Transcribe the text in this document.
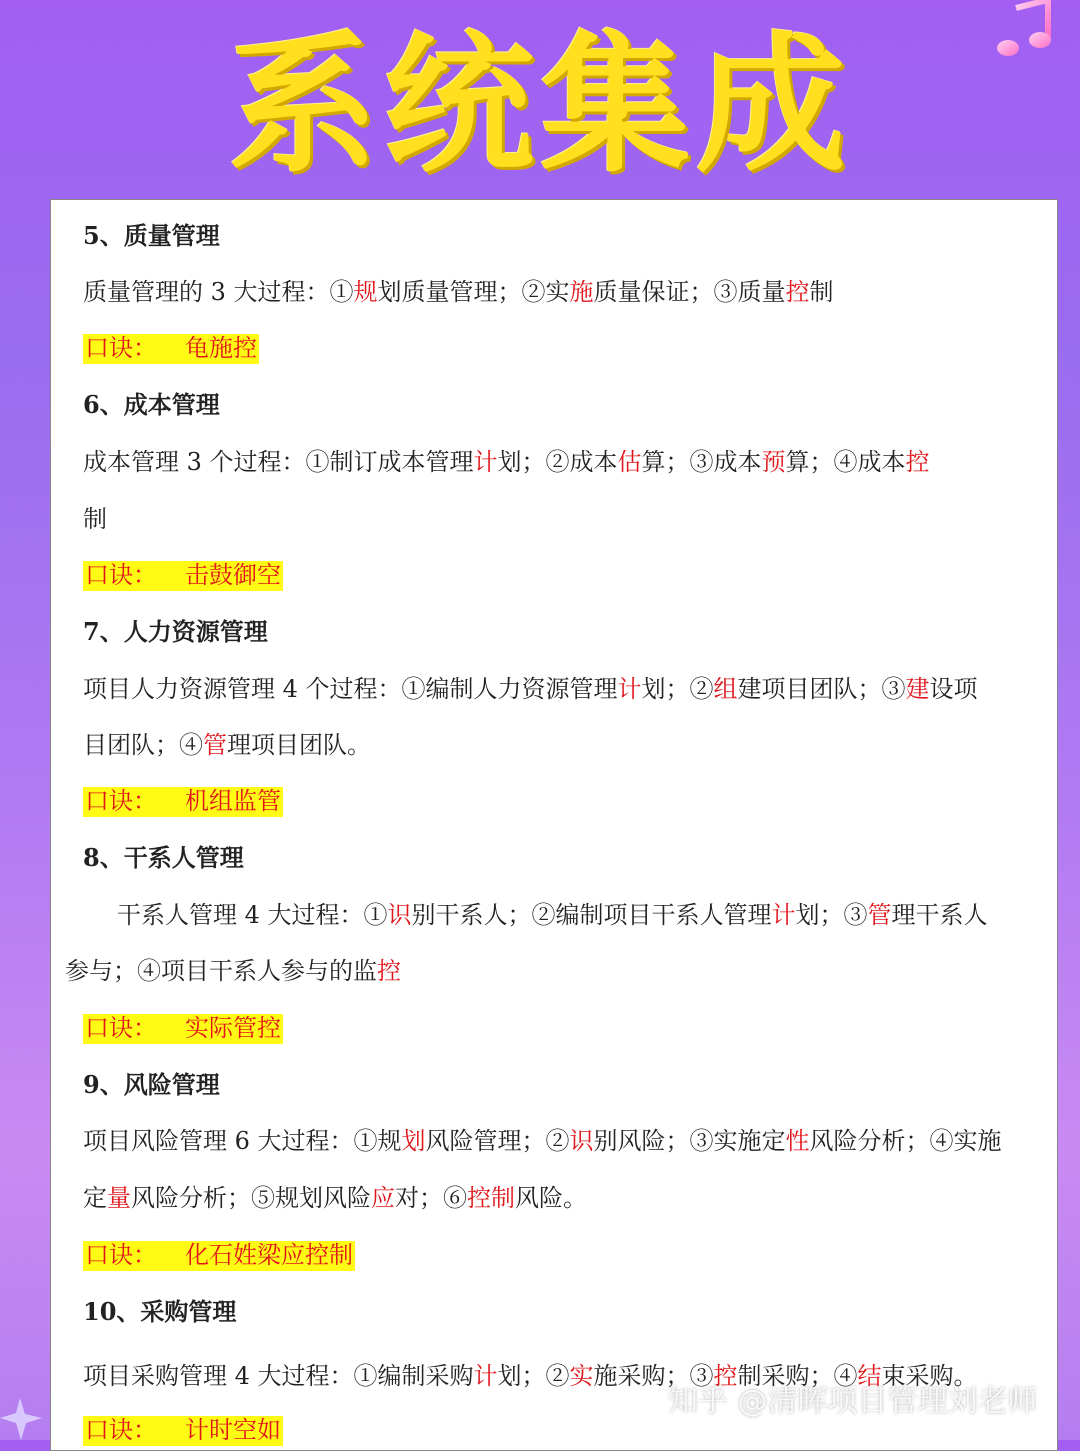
系统集成
5、质量管理
质量管理的 3 大过程：①规划质量管理；②实施质量保证；③质量控制
口诀： 龟施控
6、成本管理
成本管理 3 个过程：①制订成本管理计划；②成本估算；③成本预算；④成本控
制
口诀： 击鼓御空
7、人力资源管理
项目人力资源管理 4 个过程：①编制人力资源管理计划；②组建项目团队；③建设项
目团队；④管理项目团队。
口诀： 机组监管
8、干系人管理
干系人管理 4 大过程：①识别干系人；②编制项目干系人管理计划；③管理干系人
参与；④项目干系人参与的监控
口诀： 实际管控
9、风险管理
项目风险管理 6 大过程：①规划风险管理；②识别风险；③实施定性风险分析；④实施
定量风险分析；⑤规划风险应对；⑥控制风险。
口诀： 化石姓梁应控制
10、采购管理
项目采购管理 4 大过程：①编制采购计划；②实施采购；③控制采购；④结束采购。
口诀： 计时空如
知乎 @清晖项目管理刘老师
